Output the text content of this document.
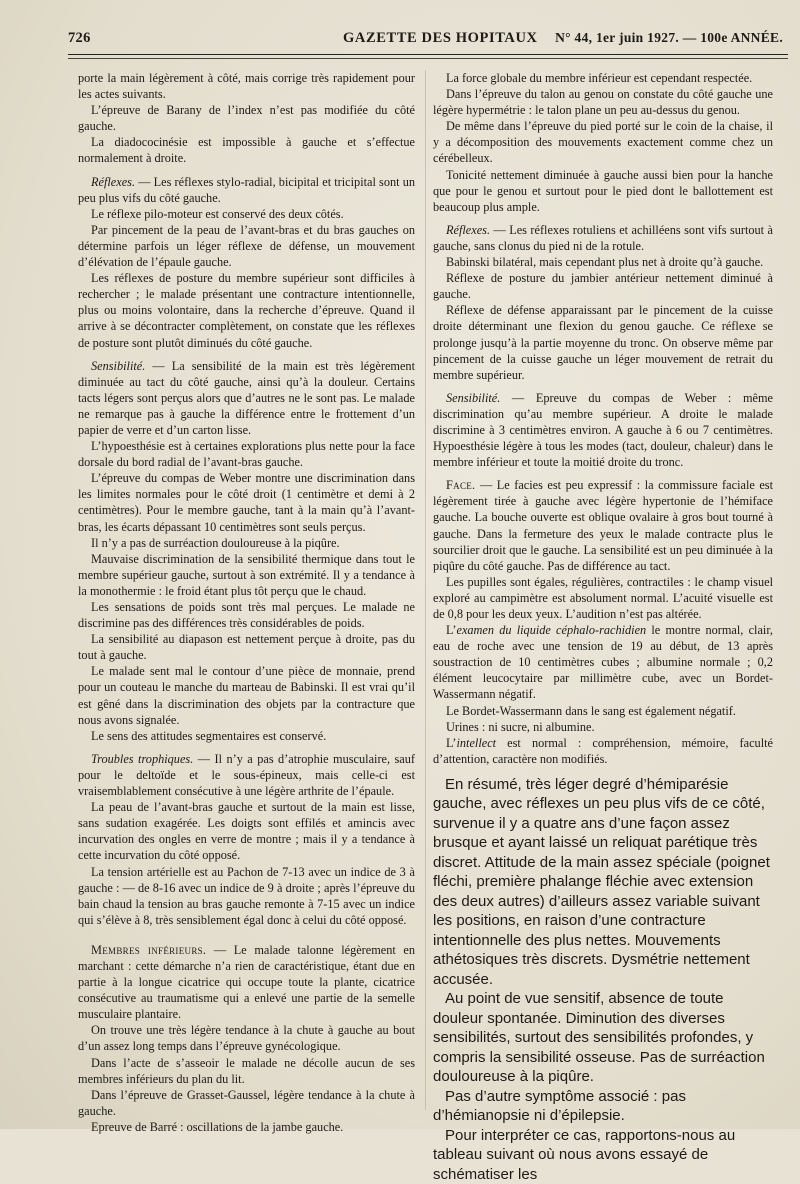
726	GAZETTE DES HOPITAUX N° 44, 1er juin 1927. — 100e ANNÉE.

porte la main légèrement à côté, mais corrige très rapidement pour les actes suivants.

L’épreuve de Barany de l’index n’est pas modifiée du côté gauche.

La diadococinésie est impossible à gauche et s’effectue normalement à droite.

Réflexes. — Les réflexes stylo-radial, bicipital et tricipital sont un peu plus vifs du côté gauche.

Le réflexe pilo-moteur est conservé des deux côtés.

Par pincement de la peau de l’avant-bras et du bras gauches on détermine parfois un léger réflexe de défense, un mouvement d’élévation de l’épaule gauche.

Les réflexes de posture du membre supérieur sont difficiles à rechercher ; le malade présentant une contracture intentionnelle, plus ou moins volontaire, dans la recherche d’épreuve. Quand il arrive à se décontracter complètement, on constate que les réflexes de posture sont plutôt diminués du côté gauche.

Sensibilité. — La sensibilité de la main est très légèrement diminuée au tact du côté gauche, ainsi qu’à la douleur. Certains tacts légers sont perçus alors que d’autres ne le sont pas. Le malade ne remarque pas à gauche la différence entre le frottement d’un papier de verre et d’un carton lisse.

L’hypoesthésie est à certaines explorations plus nette pour la face dorsale du bord radial de l’avant-bras gauche.

L’épreuve du compas de Weber montre une discrimination dans les limites normales pour le côté droit (1 centimètre et demi à 2 centimètres). Pour le membre gauche, tant à la main qu’à l’avant-bras, les écarts dépassant 10 centimètres sont seuls perçus.

Il n’y a pas de surréaction douloureuse à la piqûre.

Mauvaise discrimination de la sensibilité thermique dans tout le membre supérieur gauche, surtout à son extrémité. Il y a tendance à la monothermie : le froid étant plus tôt perçu que le chaud.

Les sensations de poids sont très mal perçues. Le malade ne discrimine pas des différences très considérables de poids.

La sensibilité au diapason est nettement perçue à droite, pas du tout à gauche.

Le malade sent mal le contour d’une pièce de monnaie, prend pour un couteau le manche du marteau de Babinski. Il est vrai qu’il est gêné dans la discrimination des objets par la contracture que nous avons signalée.

Le sens des attitudes segmentaires est conservé.

Troubles trophiques. — Il n’y a pas d’atrophie musculaire, sauf pour le deltoïde et le sous-épineux, mais celle-ci est vraisemblablement consécutive à une légère arthrite de l’épaule.

La peau de l’avant-bras gauche et surtout de la main est lisse, sans sudation exagérée. Les doigts sont effilés et amincis avec incurvation des ongles en verre de montre ; mais il y a tendance à cette incurvation du côté opposé.

La tension artérielle est au Pachon de 7-13 avec un indice de 3 à gauche : — de 8-16 avec un indice de 9 à droite ; après l’épreuve du bain chaud la tension au bras gauche remonte à 7-15 avec un indice qui s’élève à 8, très sensiblement égal donc à celui du côté opposé.

Membres inférieurs. — Le malade talonne légèrement en marchant : cette démarche n’a rien de caractéristique, étant due en partie à la longue cicatrice qui occupe toute la plante, cicatrice consécutive au traumatisme qui a enlevé une partie de la semelle musculaire plantaire.

On trouve une très légère tendance à la chute à gauche au bout d’un assez long temps dans l’épreuve gynécologique.

Dans l’acte de s’asseoir le malade ne décolle aucun de ses membres inférieurs du plan du lit.

Dans l’épreuve de Grasset-Gaussel, légère tendance à la chute à gauche.

Epreuve de Barré : oscillations de la jambe gauche.

La force globale du membre inférieur est cependant respectée.

Dans l’épreuve du talon au genou on constate du côté gauche une légère hypermétrie : le talon plane un peu au-dessus du genou.

De même dans l’épreuve du pied porté sur le coin de la chaise, il y a décomposition des mouvements exactement comme chez un cérébelleux.

Tonicité nettement diminuée à gauche aussi bien pour la hanche que pour le genou et surtout pour le pied dont le ballottement est beaucoup plus ample.

Réflexes. — Les réflexes rotuliens et achilléens sont vifs surtout à gauche, sans clonus du pied ni de la rotule.

Babinski bilatéral, mais cependant plus net à droite qu’à gauche.

Réflexe de posture du jambier antérieur nettement diminué à gauche.

Réflexe de défense apparaissant par le pincement de la cuisse droite déterminant une flexion du genou gauche. Ce réflexe se prolonge jusqu’à la partie moyenne du tronc. On observe même par pincement de la cuisse gauche un léger mouvement de retrait du membre supérieur.

Sensibilité. — Epreuve du compas de Weber : même discrimination qu’au membre supérieur. A droite le malade discrimine à 3 centimètres environ. A gauche à 6 ou 7 centimètres. Hypoesthésie légère à tous les modes (tact, douleur, chaleur) dans le membre inférieur et toute la moitié droite du tronc.

Face. — Le facies est peu expressif : la commissure faciale est légèrement tirée à gauche avec légère hypertonie de l’hémiface gauche. La bouche ouverte est oblique ovalaire à gros bout tourné à gauche. Dans la fermeture des yeux le malade contracte plus le sourcilier droit que le gauche. La sensibilité est un peu diminuée à la piqûre du côté gauche. Pas de différence au tact.

Les pupilles sont égales, régulières, contractiles : le champ visuel exploré au campimètre est absolument normal. L’acuité visuelle est de 0,8 pour les deux yeux. L’audition n’est pas altérée.

L’examen du liquide céphalo-rachidien le montre normal, clair, eau de roche avec une tension de 19 au début, de 13 après soustraction de 10 centimètres cubes ; albumine normale ; 0,2 élément leucocytaire par millimètre cube, avec un Bordet-Wassermann négatif.

Le Bordet-Wassermann dans le sang est également négatif.

Urines : ni sucre, ni albumine.

L’intellect est normal : compréhension, mémoire, faculté d’attention, caractère non modifiés.

En résumé, très léger degré d’hémiparésie gauche, avec réflexes un peu plus vifs de ce côté, survenue il y a quatre ans d’une façon assez brusque et ayant laissé un reliquat parétique très discret. Attitude de la main assez spéciale (poignet fléchi, première phalange fléchie avec extension des deux autres) d’ailleurs assez variable suivant les positions, en raison d’une contracture intentionnelle des plus nettes. Mouvements athétosiques très discrets. Dysmétrie nettement accusée.

Au point de vue sensitif, absence de toute douleur spontanée. Diminution des diverses sensibilités, surtout des sensibilités profondes, y compris la sensibilité osseuse. Pas de surréaction douloureuse à la piqûre.

Pas d’autre symptôme associé : pas d’hémianopsie ni d’épilepsie.

Pour interpréter ce cas, rapportons-nous au tableau suivant où nous avons essayé de schématiser les
